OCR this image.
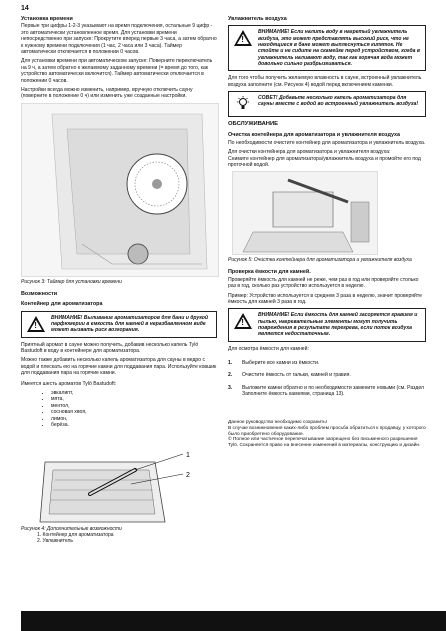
14
Установка времени

Первые три цифры 1-2-3 указывают на время подключения, остальные 9 цифр - это автоматически установленное время. Для установки времени непосредственно при запуске: Прокрутите вперед первые 3 часа, а затем обратно к нужному времени подключения (1 час, 2 часа или 3 часа). Таймер автоматически отключается в положении 0 часов.

Для установки времени при автоматическом запуске: Поверните переключатель на 9 ч, а затем обратно к желаемому заданному времени (= время до того, как устройство автоматически включится). Таймер автоматически отключается в положении 0 часов.

Настройки всегда можно изменить, например, вручную отключить сауну (поверните в положение 0 ч) или изменить уже созданные настройки.

Рисунок 3: Таймер для установки времени
Возможности
Контейнер для ароматизатора
!
ВНИМАНИЕ! Выливание ароматизаторов для бани и другой парфюмерии в емкость для камней в неразбавленном виде может вызвать риск возгорания.

Приятный аромат в сауне можно получить, добавив несколько капель Tylö Bastudoft в воду в контейнере для ароматизатора.

Можно также добавить несколько капель ароматизатора для сауны в ведро с водой и плескать ею на горячие камни для поддавания пара. Используйте ковшик для поддавания пара на горячие камни.

Имеется шесть ароматов Tylö Bastudoft:

• эвкалипт,
• мята,
• ментол,
• сосновая хвоя,
• лимон,
• берёза.
1
2
Рисунок 4: Дополнительные возможности
1. Контейнер для ароматизатора
2. Увлажнитель
Увлажнитель воздуха
!
ВНИМАНИЕ! Если налить воду в нагретый увлажнитель воздуха, это может представлять высокий риск, что не находящиеся в бане может выплеснуться кипяток. Не стойте и не сидите на скамейке перед устройством, когда в увлажнитель наливают воду, так как горячая вода может довольно сильно разбрызгиваться.

Для того чтобы получить желаемую влажность в сауне, встроенный увлажнитель воздуха заполните (см. Рисунок 4) водой перед включением каменки.

СОВЕТ! Добавьте несколько капель ароматизатора для сауны вместе с водой во встроенный увлажнитель воздуха!
ОБСЛУЖИВАНИЕ
Очистка контейнера для ароматизатора и увлажнителя воздуха

По необходимости очистите контейнер для ароматизатора и увлажнитель воздуха.

Для очистки контейнера для ароматизатора и увлажнителя воздуха:

Снимите контейнер для ароматизатора/увлажнитель воздуха и промойте его под проточной водой.

Рисунок 5: Очистка контейнера для ароматизатора и увлажнителя воздуха
Проверка ёмкости для камней.

Проверяйте ёмкость для камней не реже, чем раз в год или проверяйте столько раз в год, сколько раз устройство используется в неделю.

Пример: Устройство используется в среднем 3 раза в неделю, значит проверяйте ёмкость для камней 3 раза в год.

!
ВНИМАНИЕ! Если ёмкость для камней засоряется гравием и пылью, нагревательные элементы могут получить повреждения в результате перегрева, если поток воздуха является недостаточным.

Для осмотра ёмкости для камней:

1.	Выберите все камни из ёмкости.
2.	Очистите ёмкость от гальки, камней и гравия.
3.	Выложите камни обратно и по необходимости замените новыми (см. Раздел Заполните ёмкость камнями, страница 13).
Данное руководство необходимо сохранить!
В случае возникновения каких-либо проблем просьба обратиться к продавцу, у которого было приобретено оборудование.
© Полное или частичное перепечатывание запрещено без письменного разрешения Tylö. Сохраняется право на внесение изменений в материалы, конструкцию и дизайн.
